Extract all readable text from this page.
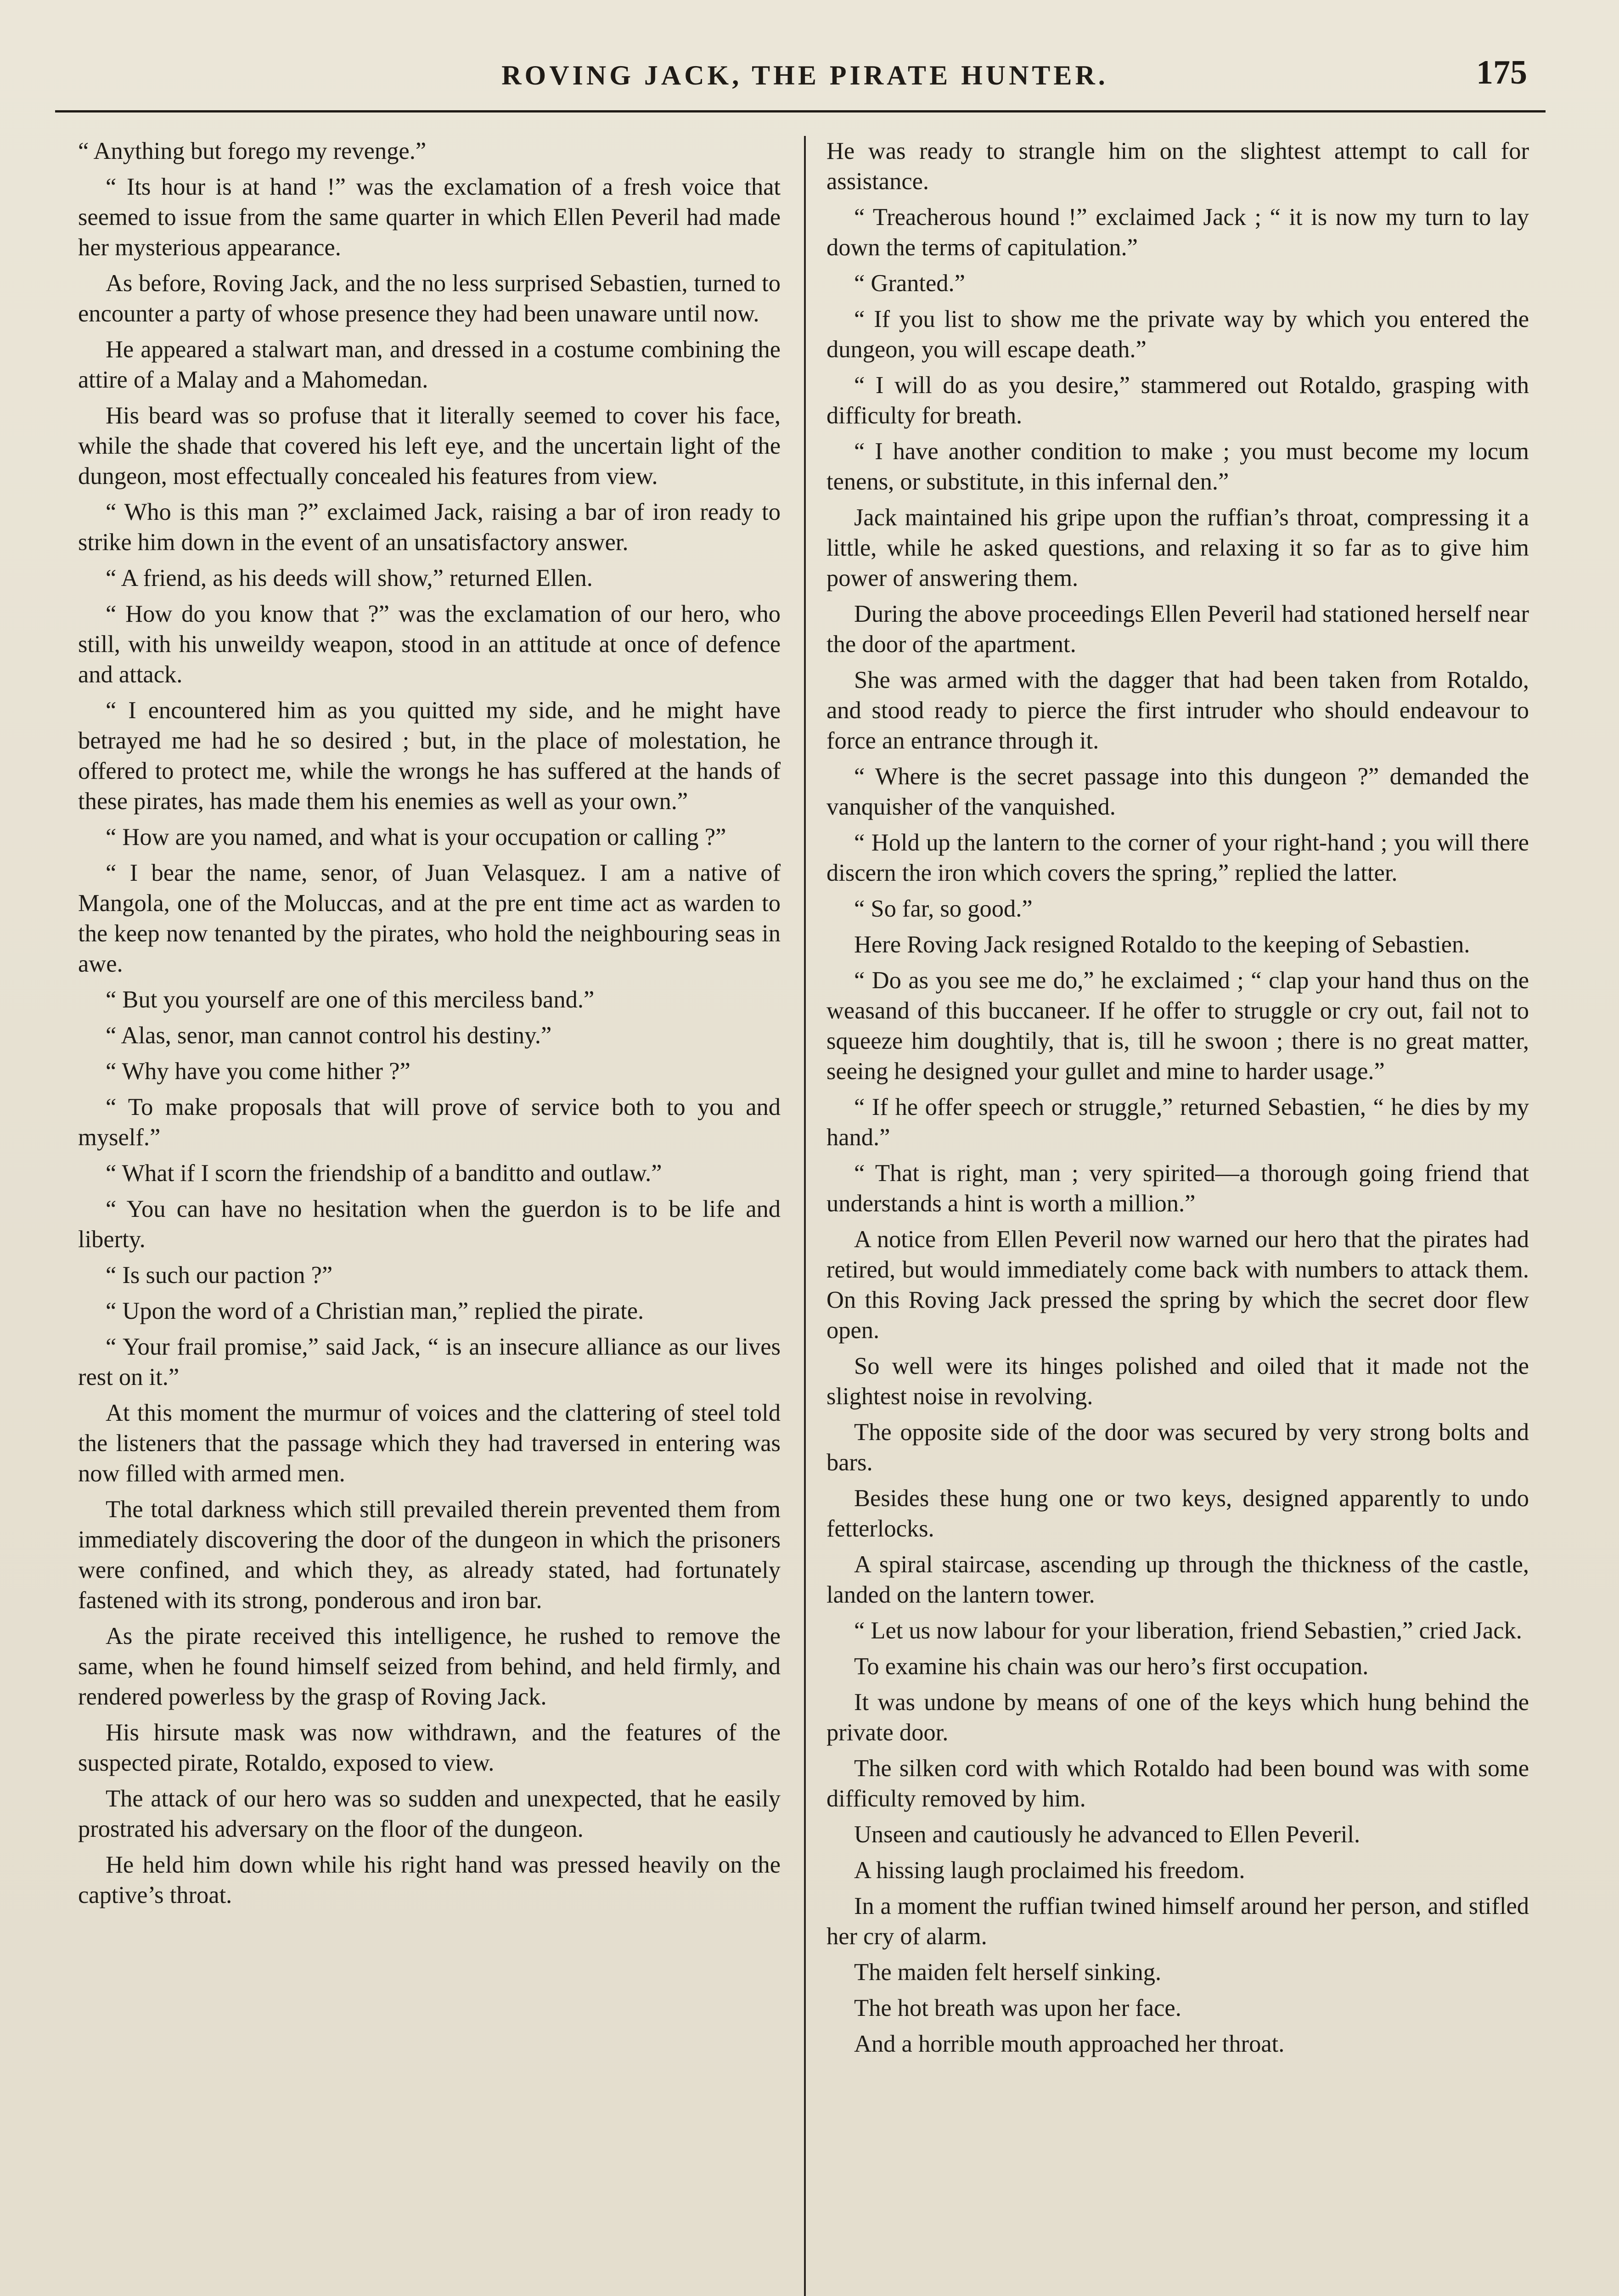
ROVING JACK, THE PIRATE HUNTER.	175

“ Anything but forego my revenge.”

“ Its hour is at hand !” was the exclamation of a fresh voice that seemed to issue from the same quarter in which Ellen Peveril had made her mysterious appearance.

As before, Roving Jack, and the no less surprised Sebastien, turned to encounter a party of whose presence they had been unaware until now.

He appeared a stalwart man, and dressed in a costume combining the attire of a Malay and a Mahomedan.

His beard was so profuse that it literally seemed to cover his face, while the shade that covered his left eye, and the uncertain light of the dungeon, most effectually concealed his features from view.

“ Who is this man ?” exclaimed Jack, raising a bar of iron ready to strike him down in the event of an unsatisfactory answer.

“ A friend, as his deeds will show,” returned Ellen.

“ How do you know that ?” was the exclamation of our hero, who still, with his unweildy weapon, stood in an attitude at once of defence and attack.

“ I encountered him as you quitted my side, and he might have betrayed me had he so desired ; but, in the place of molestation, he offered to protect me, while the wrongs he has suffered at the hands of these pirates, has made them his enemies as well as your own.”

“ How are you named, and what is your occupation or calling ?”

“ I bear the name, senor, of Juan Velasquez. I am a native of Mangola, one of the Moluccas, and at the pre ent time act as warden to the keep now tenanted by the pirates, who hold the neighbouring seas in awe.

“ But you yourself are one of this merciless band.”

“ Alas, senor, man cannot control his destiny.”

“ Why have you come hither ?”

“ To make proposals that will prove of service both to you and myself.”

“ What if I scorn the friendship of a banditto and outlaw.”

“ You can have no hesitation when the guerdon is to be life and liberty.

“ Is such our paction ?”

“ Upon the word of a Christian man,” replied the pirate.

“ Your frail promise,” said Jack, “ is an insecure alliance as our lives rest on it.”

At this moment the murmur of voices and the clattering of steel told the listeners that the passage which they had traversed in entering was now filled with armed men.

The total darkness which still prevailed therein prevented them from immediately discovering the door of the dungeon in which the prisoners were confined, and which they, as already stated, had fortunately fastened with its strong, ponderous and iron bar.

As the pirate received this intelligence, he rushed to remove the same, when he found himself seized from behind, and held firmly, and rendered powerless by the grasp of Roving Jack.

His hirsute mask was now withdrawn, and the features of the suspected pirate, Rotaldo, exposed to view.

The attack of our hero was so sudden and unexpected, that he easily prostrated his adversary on the floor of the dungeon.

He held him down while his right hand was pressed heavily on the captive’s throat.

He was ready to strangle him on the slightest attempt to call for assistance.

“ Treacherous hound !” exclaimed Jack ; “ it is now my turn to lay down the terms of capitulation.”

“ Granted.”

“ If you list to show me the private way by which you entered the dungeon, you will escape death.”

“ I will do as you desire,” stammered out Rotaldo, grasping with difficulty for breath.

“ I have another condition to make ; you must become my locum tenens, or substitute, in this infernal den.”

Jack maintained his gripe upon the ruffian’s throat, compressing it a little, while he asked questions, and relaxing it so far as to give him power of answering them.

During the above proceedings Ellen Peveril had stationed herself near the door of the apartment.

She was armed with the dagger that had been taken from Rotaldo, and stood ready to pierce the first intruder who should endeavour to force an entrance through it.

“ Where is the secret passage into this dungeon ?” demanded the vanquisher of the vanquished.

“ Hold up the lantern to the corner of your right-hand ; you will there discern the iron which covers the spring,” replied the latter.

“ So far, so good.”

Here Roving Jack resigned Rotaldo to the keeping of Sebastien.

“ Do as you see me do,” he exclaimed ; “ clap your hand thus on the weasand of this buccaneer. If he offer to struggle or cry out, fail not to squeeze him doughtily, that is, till he swoon ; there is no great matter, seeing he designed your gullet and mine to harder usage.”

“ If he offer speech or struggle,” returned Sebastien, “ he dies by my hand.”

“ That is right, man ; very spirited—a thorough going friend that understands a hint is worth a million.”

A notice from Ellen Peveril now warned our hero that the pirates had retired, but would immediately come back with numbers to attack them. On this Roving Jack pressed the spring by which the secret door flew open.

So well were its hinges polished and oiled that it made not the slightest noise in revolving.

The opposite side of the door was secured by very strong bolts and bars.

Besides these hung one or two keys, designed apparently to undo fetterlocks.

A spiral staircase, ascending up through the thickness of the castle, landed on the lantern tower.

“ Let us now labour for your liberation, friend Sebastien,” cried Jack.

To examine his chain was our hero’s first occupation.

It was undone by means of one of the keys which hung behind the private door.

The silken cord with which Rotaldo had been bound was with some difficulty removed by him.

Unseen and cautiously he advanced to Ellen Peveril.

A hissing laugh proclaimed his freedom.

In a moment the ruffian twined himself around her person, and stifled her cry of alarm.

The maiden felt herself sinking.

The hot breath was upon her face.

And a horrible mouth approached her throat.
